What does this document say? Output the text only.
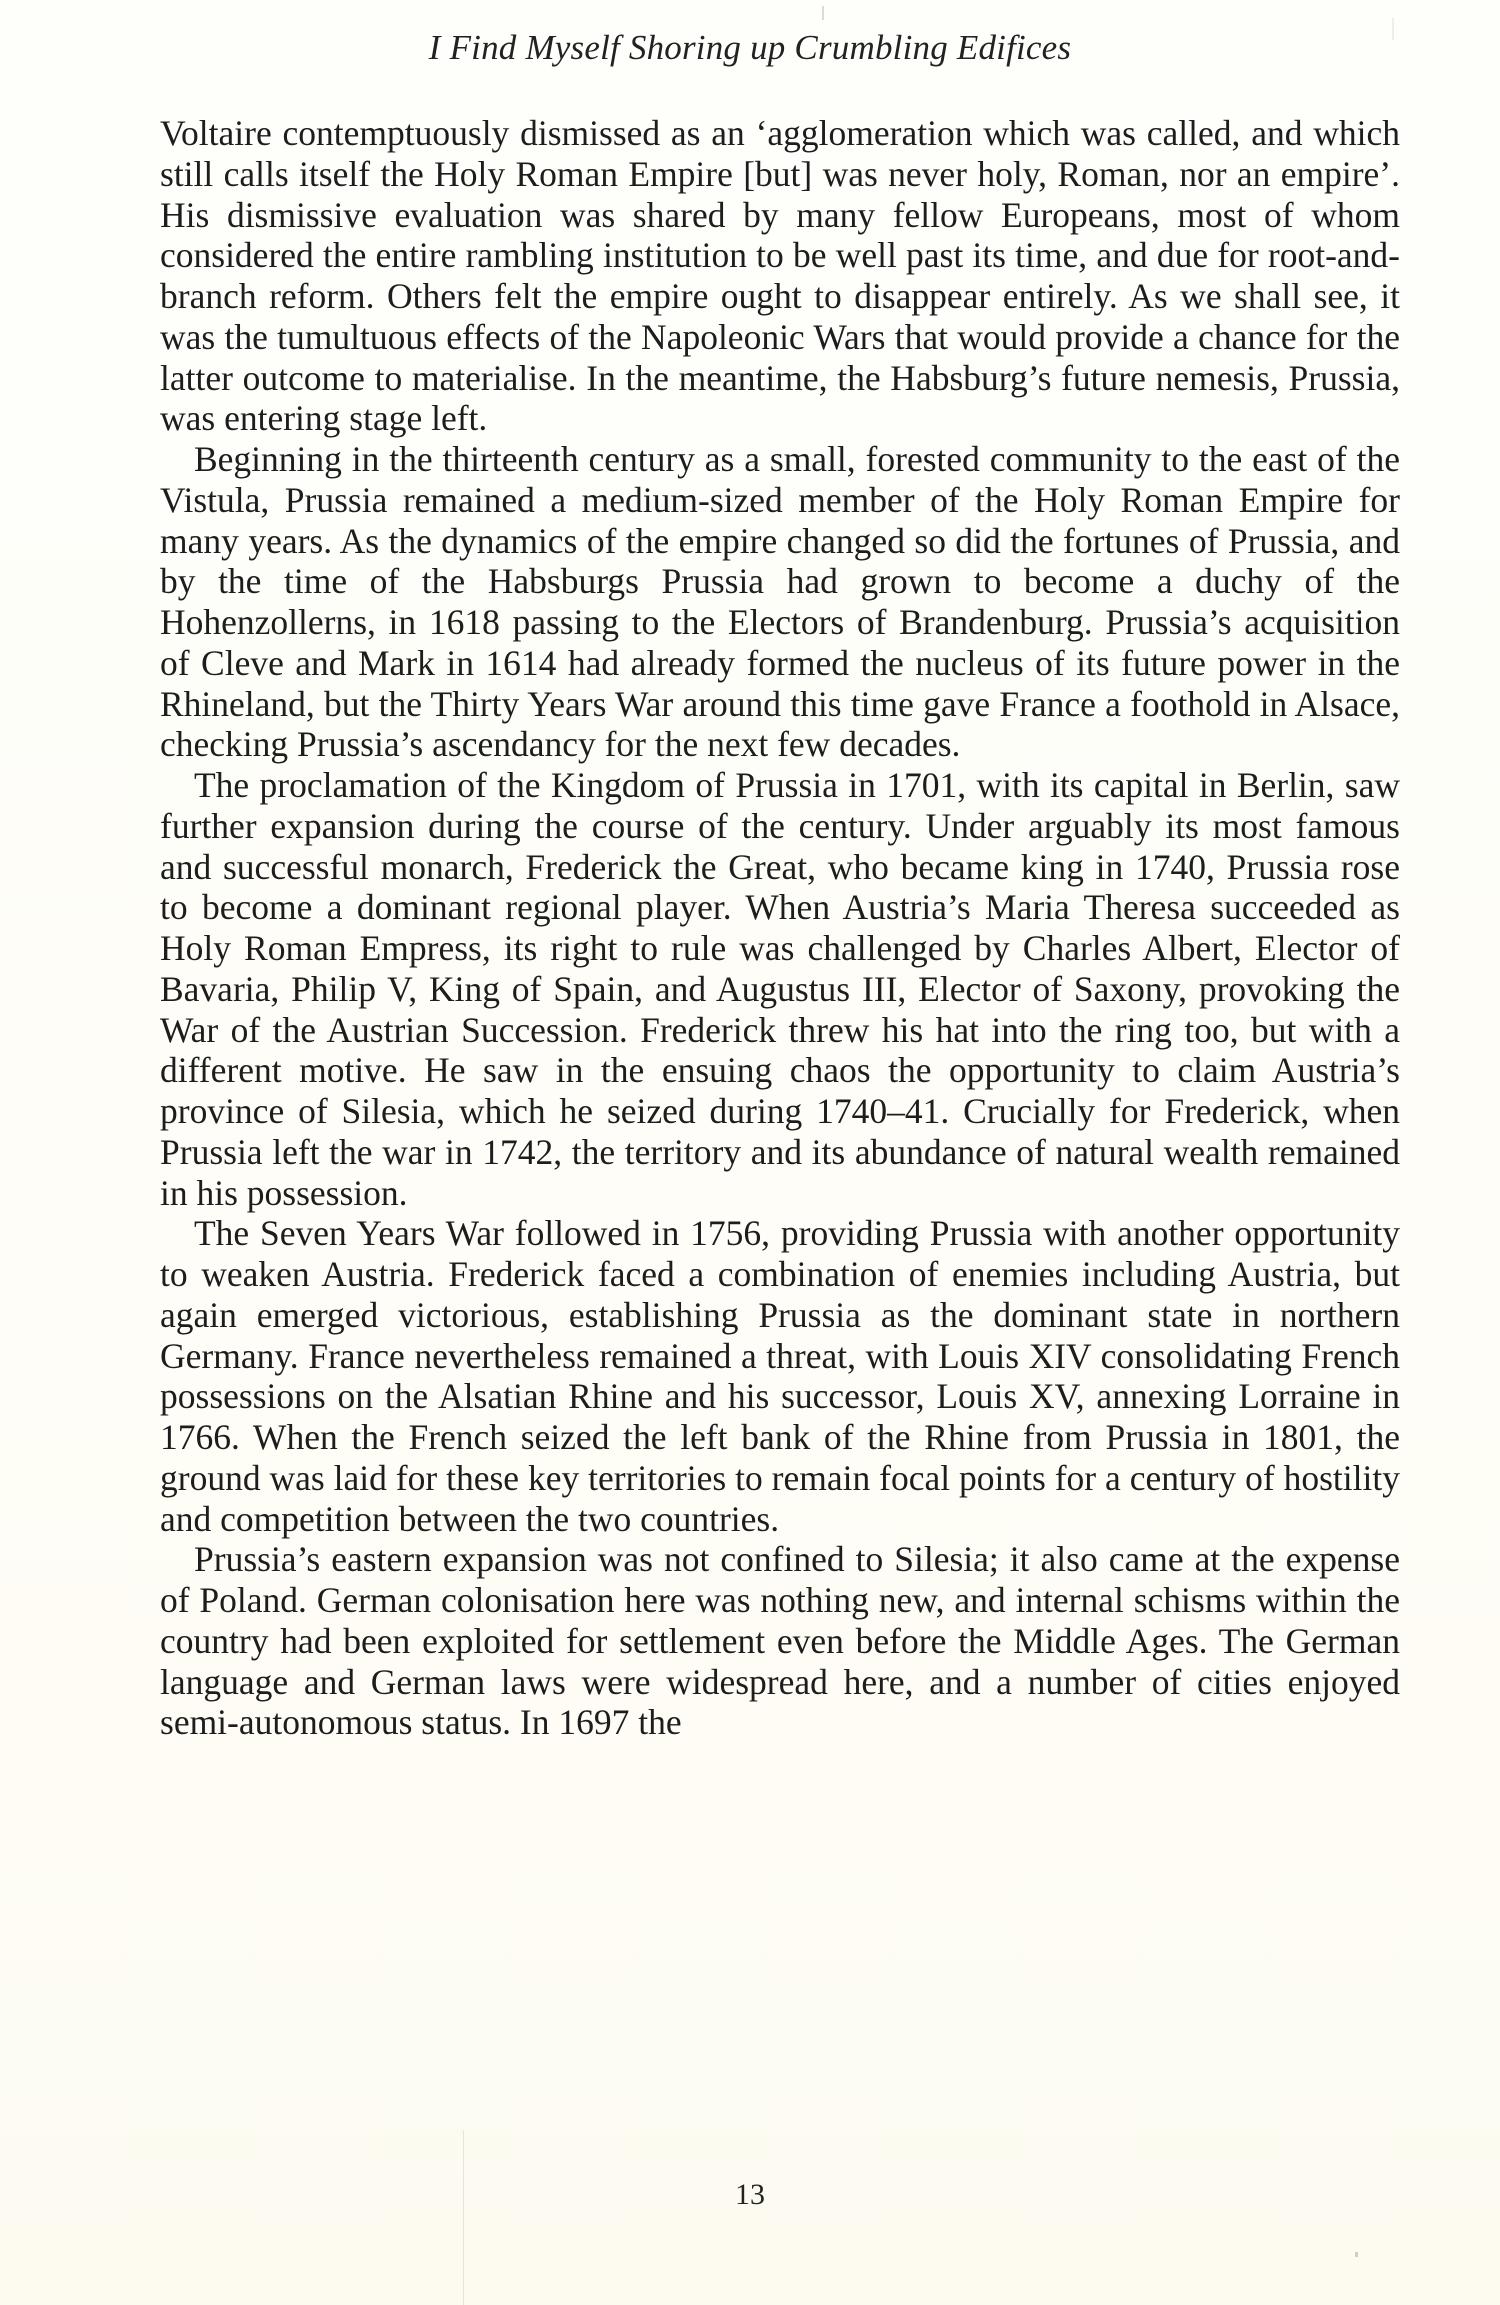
I Find Myself Shoring up Crumbling Edifices

Voltaire contemptuously dismissed as an ‘agglomeration which was called, and which still calls itself the Holy Roman Empire [but] was never holy, Roman, nor an empire’. His dismissive evaluation was shared by many fellow Europeans, most of whom considered the entire rambling institution to be well past its time, and due for root-and-branch reform. Others felt the empire ought to disappear entirely. As we shall see, it was the tumultuous effects of the Napoleonic Wars that would provide a chance for the latter outcome to materialise. In the meantime, the Habsburg’s future nemesis, Prussia, was entering stage left.

Beginning in the thirteenth century as a small, forested community to the east of the Vistula, Prussia remained a medium-sized member of the Holy Roman Empire for many years. As the dynamics of the empire changed so did the fortunes of Prussia, and by the time of the Habsburgs Prussia had grown to become a duchy of the Hohenzollerns, in 1618 passing to the Electors of Brandenburg. Prussia’s acquisition of Cleve and Mark in 1614 had already formed the nucleus of its future power in the Rhineland, but the Thirty Years War around this time gave France a foothold in Alsace, checking Prussia’s ascendancy for the next few decades.

The proclamation of the Kingdom of Prussia in 1701, with its capital in Berlin, saw further expansion during the course of the century. Under arguably its most famous and successful monarch, Frederick the Great, who became king in 1740, Prussia rose to become a dominant regional player. When Austria’s Maria Theresa succeeded as Holy Roman Empress, its right to rule was challenged by Charles Albert, Elector of Bavaria, Philip V, King of Spain, and Augustus III, Elector of Saxony, provoking the War of the Austrian Succession. Frederick threw his hat into the ring too, but with a different motive. He saw in the ensuing chaos the opportunity to claim Austria’s province of Silesia, which he seized during 1740–41. Crucially for Frederick, when Prussia left the war in 1742, the territory and its abundance of natural wealth remained in his possession.

The Seven Years War followed in 1756, providing Prussia with another opportunity to weaken Austria. Frederick faced a combination of enemies including Austria, but again emerged victorious, establishing Prussia as the dominant state in northern Germany. France nevertheless remained a threat, with Louis XIV consolidating French possessions on the Alsatian Rhine and his successor, Louis XV, annexing Lorraine in 1766. When the French seized the left bank of the Rhine from Prussia in 1801, the ground was laid for these key territories to remain focal points for a century of hostility and competition between the two countries.

Prussia’s eastern expansion was not confined to Silesia; it also came at the expense of Poland. German colonisation here was nothing new, and internal schisms within the country had been exploited for settlement even before the Middle Ages. The German language and German laws were widespread here, and a number of cities enjoyed semi-autonomous status. In 1697 the

13
